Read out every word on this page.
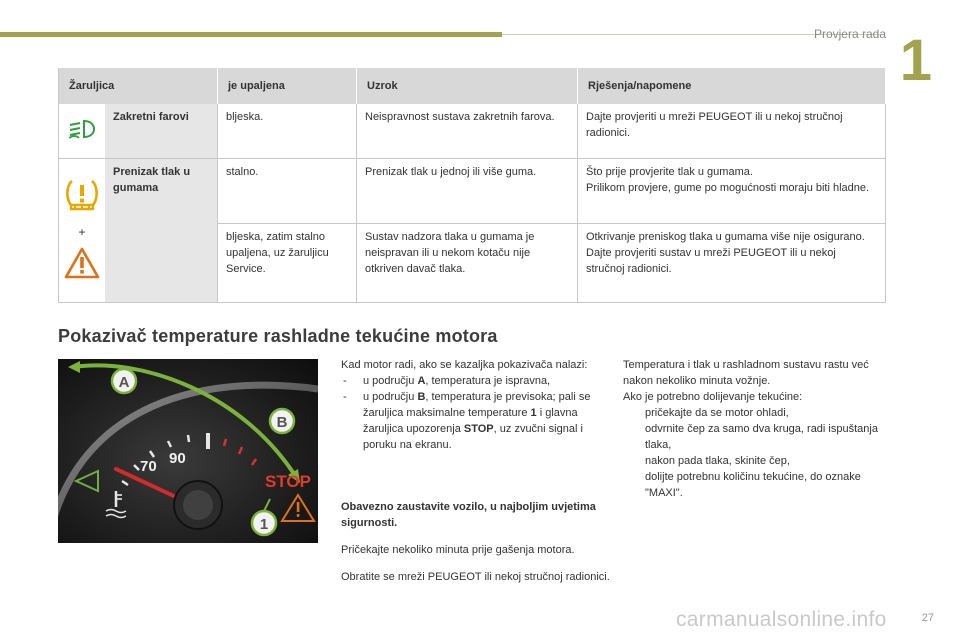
Provjera rada 1
Žaruljica		je upaljena	Uzrok	Rješenja/napomene
	Zakretni farovi	bljeska.	Neispravnost sustava zakretnih farova.	Dajte provjeriti u mreži PEUGEOT ili u nekoj stručnoj radionici.

+	Prenizak tlak u gumama	stalno.	Prenizak tlak u jednoj ili više guma.	Što prije provjerite tlak u gumama.
Prilikom provjere, gume po mogućnosti moraju biti hladne.

		bljeska, zatim stalno upaljena, uz žaruljicu Service.	Sustav nadzora tlaka u gumama je neispravan ili u nekom kotaču nije otkriven davač tlaka.	Otkrivanje preniskog tlaka u gumama više nije osigurano.
Dajte provjeriti sustav u mreži PEUGEOT ili u nekoj stručnoj radionici.
Pokazivač temperature rashladne tekućine motora
70 90
A
B
STOP
1

Kad motor radi, ako se kazaljka pokazivača nalazi:

- u području A, temperatura je ispravna,

- u području B, temperatura je previsoka; pali se žaruljica maksimalne temperature 1 i glavna žaruljica upozorenja STOP, uz zvučni signal i poruku na ekranu.

Obavezno zaustavite vozilo, u najboljim uvjetima sigurnosti.

Pričekajte nekoliko minuta prije gašenja motora.

Obratite se mreži PEUGEOT ili nekoj stručnoj radionici.

Temperatura i tlak u rashladnom sustavu rastu već nakon nekoliko minuta vožnje.

Ako je potrebno dolijevanje tekućine:

pričekajte da se motor ohladi,

odvrnite čep za samo dva kruga, radi ispuštanja tlaka,

nakon pada tlaka, skinite čep,

dolijte potrebnu količinu tekućine, do oznake "MAXI".

27
carmanualsonline.info
